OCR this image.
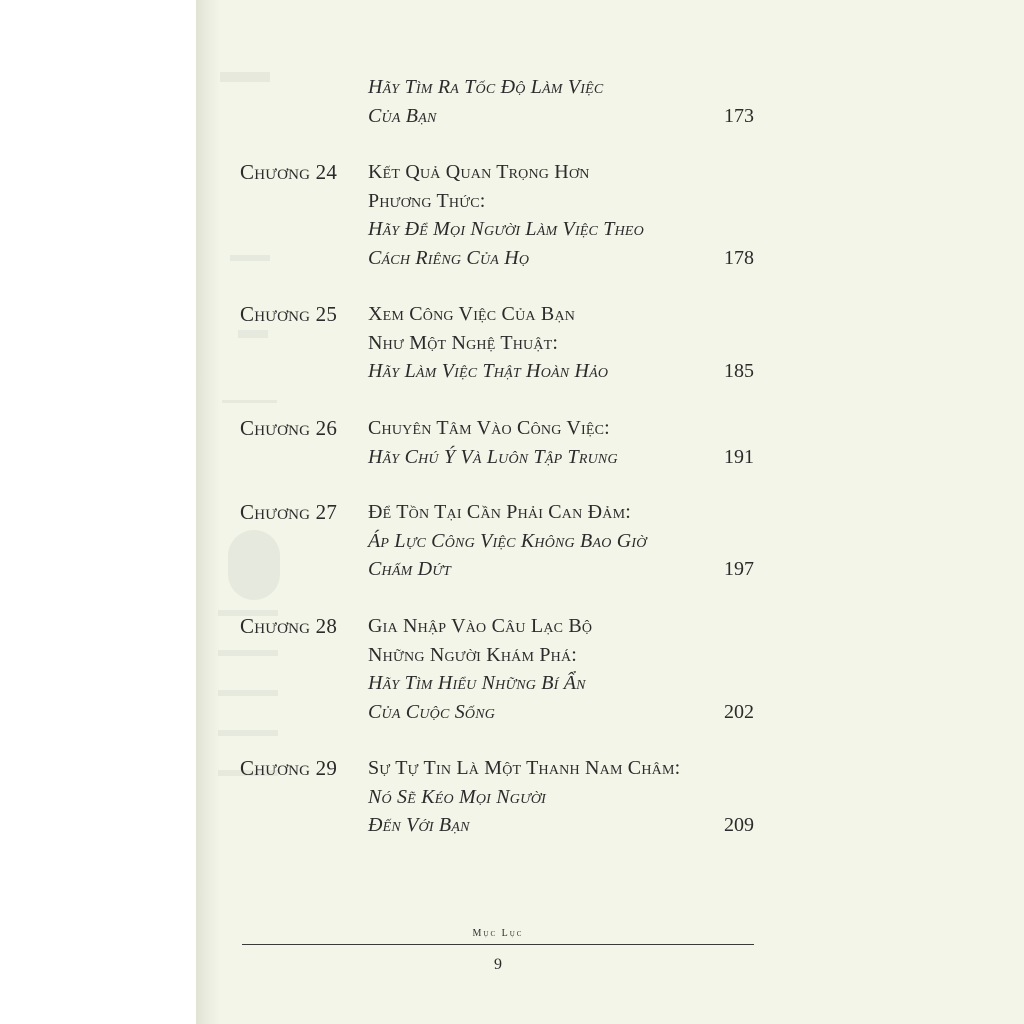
Hãy Tìm Ra Tốc Độ Làm Việc
Của Bạn	173
Chương 24 Kết Quả Quan Trọng Hơn
Phương Thức:
Hãy Để Mọi Người Làm Việc Theo
Cách Riêng Của Họ	178
Chương 25 Xem Công Việc Của Bạn
Như Một Nghệ Thuật:
Hãy Làm Việc Thật Hoàn Hảo	185
Chương 26 Chuyên Tâm Vào Công Việc:
Hãy Chú Ý Và Luôn Tập Trung	191
Chương 27 Để Tồn Tại Cần Phải Can Đảm:
Áp Lực Công Việc Không Bao Giờ
Chấm Dứt	197
Chương 28 Gia Nhập Vào Câu Lạc Bộ
Những Người Khám Phá:
Hãy Tìm Hiểu Những Bí Ẩn
Của Cuộc Sống	202
Chương 29 Sự Tự Tin Là Một Thanh Nam Châm:
Nó Sẽ Kéo Mọi Người
Đến Với Bạn	209
Mục Lục
9
